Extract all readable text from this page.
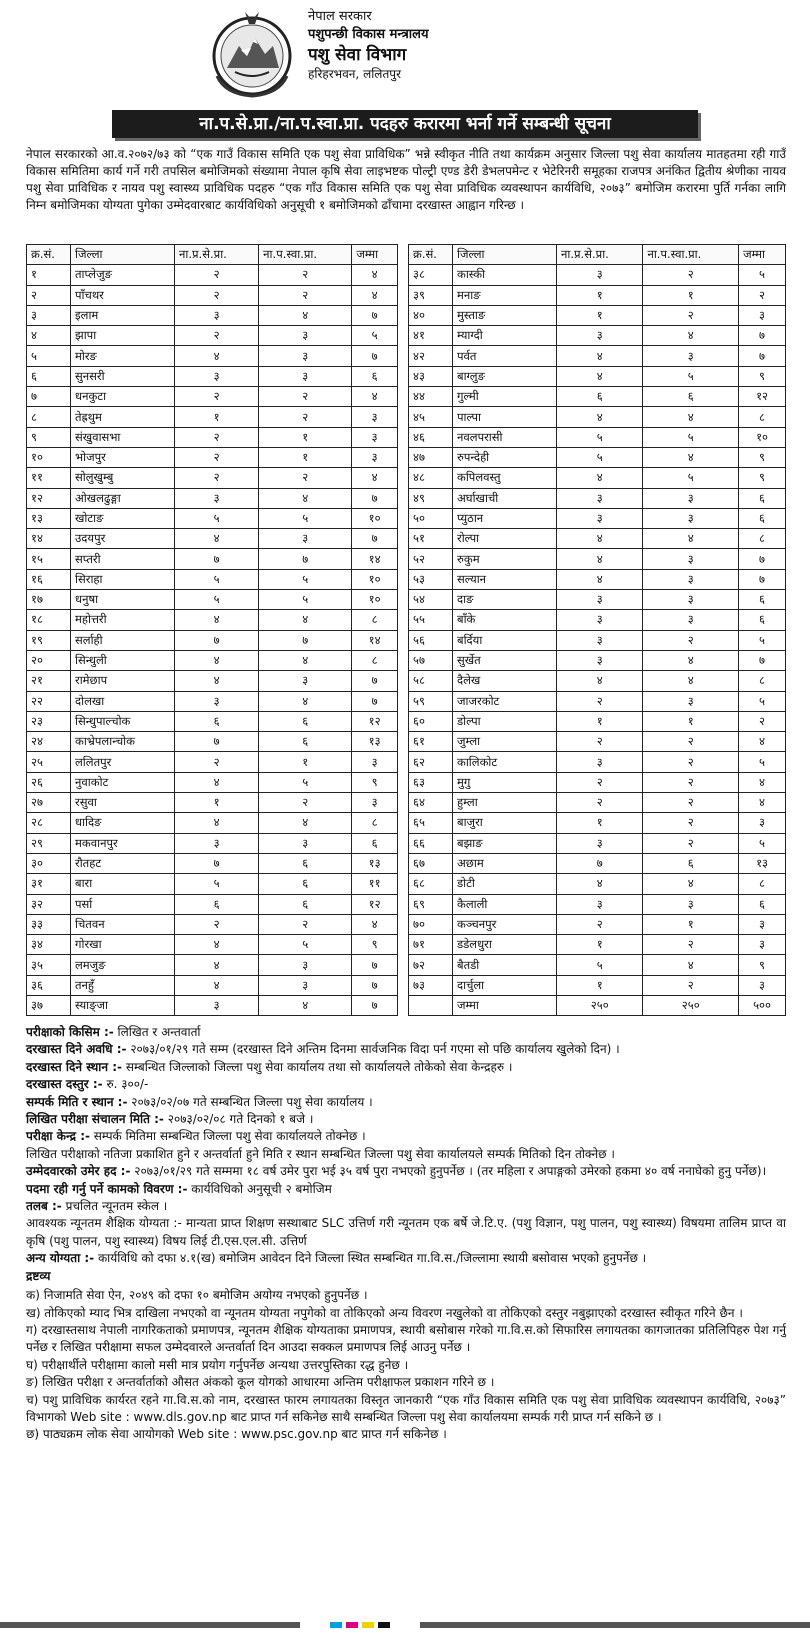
नेपाल सरकार
पशुपन्छी विकास मन्त्रालय
पशु सेवा विभाग
हरिहरभवन, ललितपुर
ना.प.से.प्रा./ना.प.स्वा.प्रा. पदहरु करारमा भर्ना गर्ने सम्बन्धी सूचना
नेपाल सरकारको आ.व.२०७२/७३ को “एक गाउँ विकास समिति एक पशु सेवा प्राविधिक” भन्ने स्वीकृत नीति तथा कार्यक्रम अनुसार जिल्ला पशु सेवा कार्यालय मातहतमा रही गाउँ विकास समितिमा कार्य गर्ने गरी तपसिल बमोजिमको संख्यामा नेपाल कृषि सेवा लाइभष्टक पोल्ट्री एण्ड डेरी डेभलपमेन्ट र भेटेरिनरी समूहका राजपत्र अनंकित द्वितीय श्रेणीका नायव पशु सेवा प्राविधिक र नायव पशु स्वास्थ्य प्राविधिक पदहरु “एक गाँउ विकास समिति एक पशु सेवा प्राविधिक व्यवस्थापन कार्यविधि, २०७३” बमोजिम करारमा पुर्ति गर्नका लागि निम्न बमोजिमका योग्यता पुगेका उम्मेदवारबाट कार्यविधिको अनुसूची १ बमोजिमको ढाँचामा दरखास्त आह्वान गरिन्छ ।
क्र.सं.	जिल्ला	ना.प्र.से.प्रा.	ना.प.स्वा.प्रा.	जम्मा
१	ताप्लेजुङ	२	२	४
२	पाँचथर	२	२	४
३	इलाम	३	४	७
४	झापा	२	३	५
५	मोरङ	४	३	७
६	सुनसरी	३	३	६
७	धनकुटा	२	२	४
८	तेह्रथुम	१	२	३
९	संखुवासभा	२	१	३
१०	भोजपुर	२	१	३
११	सोलुखुम्बु	२	२	४
१२	ओखलढुङ्गा	३	४	७
१३	खोटाङ	५	५	१०
१४	उदयपुर	४	३	७
१५	सप्तरी	७	७	१४
१६	सिराहा	५	५	१०
१७	धनुषा	५	५	१०
१८	महोत्तरी	४	४	८
१९	सर्लाही	७	७	१४
२०	सिन्धुली	४	४	८
२१	रामेछाप	४	३	७
२२	दोलखा	३	४	७
२३	सिन्धुपाल्चोक	६	६	१२
२४	काभ्रेपलान्चोक	७	६	१३
२५	ललितपुर	२	१	३
२६	नुवाकोट	४	५	९
२७	रसुवा	१	२	३
२८	धादिङ	४	४	८
२९	मकवानपुर	३	३	६
३०	रौतहट	७	६	१३
३१	बारा	५	६	११
३२	पर्सा	६	६	१२
३३	चितवन	२	२	४
३४	गोरखा	४	५	९
३५	लमजुङ	४	३	७
३६	तनहुँ	४	३	७
३७	स्याङ्जा	३	४	७
क्र.सं.	जिल्ला	ना.प्र.से.प्रा.	ना.प.स्वा.प्रा.	जम्मा
३८	कास्की	३	२	५
३९	मनाङ	१	१	२
४०	मुस्ताङ	१	२	३
४१	म्याग्दी	३	४	७
४२	पर्वत	४	३	७
४३	बाग्लुङ	४	५	९
४४	गुल्मी	६	६	१२
४५	पाल्पा	४	४	८
४६	नवलपरासी	५	५	१०
४७	रुपन्देही	५	४	९
४८	कपिलवस्तु	४	५	९
४९	अर्घाखाची	३	३	६
५०	प्युठान	३	३	६
५१	रोल्पा	४	४	८
५२	रुकुम	४	३	७
५३	सल्यान	४	३	७
५४	दाङ	३	३	६
५५	बाँके	३	३	६
५६	बर्दिया	३	२	५
५७	सुर्खेत	३	४	७
५८	दैलेख	४	४	८
५९	जाजरकोट	२	३	५
६०	डोल्पा	१	१	२
६१	जुम्ला	२	२	४
६२	कालिकोट	३	२	५
६३	मुगु	२	२	४
६४	हुम्ला	२	२	४
६५	बाजुरा	१	२	३
६६	बझाङ	३	२	५
६७	अछाम	७	६	१३
६८	डोटी	४	४	८
६९	कैलाली	३	३	६
७०	कञ्चनपुर	२	१	३
७१	डडेलधुरा	१	२	३
७२	बैतडी	५	४	९
७३	दार्चुला	१	२	३
	जम्मा	२५०	२५०	५००
परीक्षाको किसिम :- लिखित र अन्तवार्ता
दरखास्त दिने अवधि :- २०७३/०१/२९ गते सम्म (दरखास्त दिने अन्तिम दिनमा सार्वजनिक विदा पर्न गएमा सो पछि कार्यालय खुलेको दिन) ।
दरखास्त दिने स्थान :- सम्बन्धित जिल्लाको जिल्ला पशु सेवा कार्यालय तथा सो कार्यालयले तोकेको सेवा केन्द्रहरु ।
दरखास्त दस्तुर :- रु. ३००/-
सम्पर्क मिति र स्थान :- २०७३/०२/०७ गते सम्बन्धित जिल्ला पशु सेवा कार्यालय ।
लिखित परीक्षा संचालन मिति :- २०७३/०२/०८ गते दिनको १ बजे ।
परीक्षा केन्द्र :- सम्पर्क मितिमा सम्बन्धित जिल्ला पशु सेवा कार्यालयले तोक्नेछ ।
लिखित परीक्षाको नतिजा प्रकाशित हुने र अन्तर्वार्ता हुने मिति र स्थान सम्बन्धित जिल्ला पशु सेवा कार्यालयले सम्पर्क मितिको दिन तोक्नेछ ।
उम्मेदवारको उमेर हद :- २०७३/०१/२९ गते सम्ममा १८ वर्ष उमेर पुरा भई ३५ वर्ष पुरा नभएको हुनुपर्नेछ । (तर महिला र अपाङ्गको उमेरको हकमा ४० वर्ष ननाघेको हुनु पर्नेछ)।
पदमा रही गर्नु पर्ने कामको विवरण :- कार्यविधिको अनुसूची २ बमोजिम
तलब :- प्रचलित न्यूनतम स्केल ।
आवश्यक न्यूनतम शैक्षिक योग्यता :- मान्यता प्राप्त शिक्षण सस्थाबाट SLC उत्तिर्ण गरी न्यूनतम एक बर्षे जे.टि.ए. (पशु विज्ञान, पशु पालन, पशु स्वास्थ्य) विषयमा तालिम प्राप्त वा कृषि (पशु पालन, पशु स्वास्थ्य) विषय लिई टी.एस.एल.सी. उत्तिर्ण
अन्य योग्यता :- कार्यविधि को दफा ४.१(ख) बमोजिम आवेदन दिने जिल्ला स्थित सम्बन्धित गा.वि.स./जिल्लामा स्थायी बसोवास भएको हुनुपर्नेछ ।
द्रष्टव्य
क) निजामति सेवा ऐन, २०४९ को दफा १० बमोजिम अयोग्य नभएको हुनुपर्नेछ ।
ख) तोकिएको म्याद भित्र दाखिला नभएको वा न्यूनतम योग्यता नपुगेको वा तोकिएको अन्य विवरण नखुलेको वा तोकिएको दस्तुर नबुझाएको दरखास्त स्वीकृत गरिने छैन ।
ग) दरखास्तसाथ नेपाली नागरिकताको प्रमाणपत्र, न्यूनतम शैक्षिक योग्यताका प्रमाणपत्र, स्थायी बसोबास गरेको गा.वि.स.को सिफारिस लगायतका कागजातका प्रतिलिपिहरु पेश गर्नु पर्नेछ र लिखित परीक्षामा सफल उम्मेदवारले अन्तर्वार्ता दिन आउदा सक्कल प्रमाणपत्र लिई आउनु पर्नेछ ।
घ) परीक्षार्थीले परीक्षामा कालो मसी मात्र प्रयोग गर्नुपर्नेछ अन्यथा उत्तरपुस्तिका रद्ध हुनेछ ।
ङ) लिखित परीक्षा र अन्तर्वार्ताको औसत अंकको कूल योगको आधारमा अन्तिम परीक्षाफल प्रकाशन गरिने छ ।
च) पशु प्राविधिक कार्यरत रहने गा.वि.स.को नाम, दरखास्त फारम लगायतका विस्तृत जानकारी “एक गाँउ विकास समिति एक पशु सेवा प्राविधिक व्यवस्थापन कार्यविधि, २०७३” विभागको Web site : www.dls.gov.np बाट प्राप्त गर्न सकिनेछ साथै सम्बन्धित जिल्ला पशु सेवा कार्यालयमा सम्पर्क गरी प्राप्त गर्न सकिने छ ।
छ) पाठ्यक्रम लोक सेवा आयोगको Web site : www.psc.gov.np बाट प्राप्त गर्न सकिनेछ ।
